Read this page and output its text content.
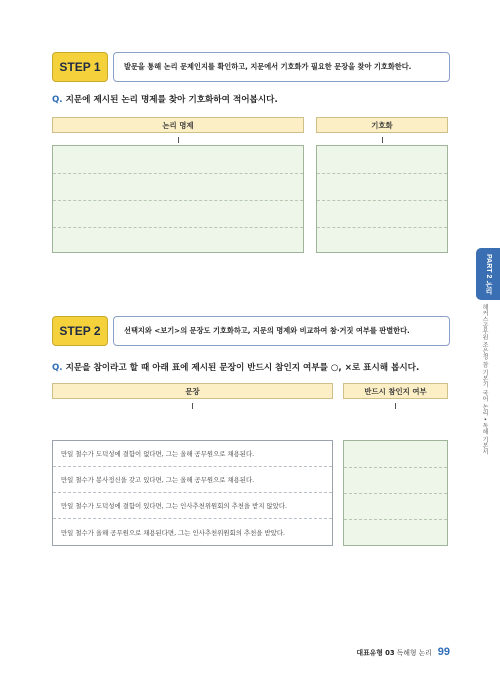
STEP 1	발문을 통해 논리 문제인지를 확인하고, 지문에서 기호화가 필요한 문장을 찾아 기호화한다.
Q. 지문에 제시된 논리 명제를 찾아 기호화하여 적어봅시다.
논리 명제	기호화
STEP 2	선택지와 <보기>의 문장도 기호화하고, 지문의 명제와 비교하여 참·거짓 여부를 판별한다.
Q. 지문을 참이라고 할 때 아래 표에 제시된 문장이 반드시 참인지 여부를 ○, ×로 표시해 봅시다.
문장	반드시 참인지 여부
만일 철수가 도덕성에 결함이 없다면, 그는 올해 공무원으로 채용된다.
만일 철수가 봉사정신을 갖고 있다면, 그는 올해 공무원으로 채용된다.
만일 철수가 도덕성에 결함이 있다면, 그는 인사추천위원회의 추천을 받지 않았다.
만일 철수가 올해 공무원으로 채용된다면, 그는 인사추천위원회의 추천을 받았다.
PART 2 논리
해커스공무원 조은정 참 기본기 국어 논리 • 독해 기본서
대표유형 03 독해형 논리 99
